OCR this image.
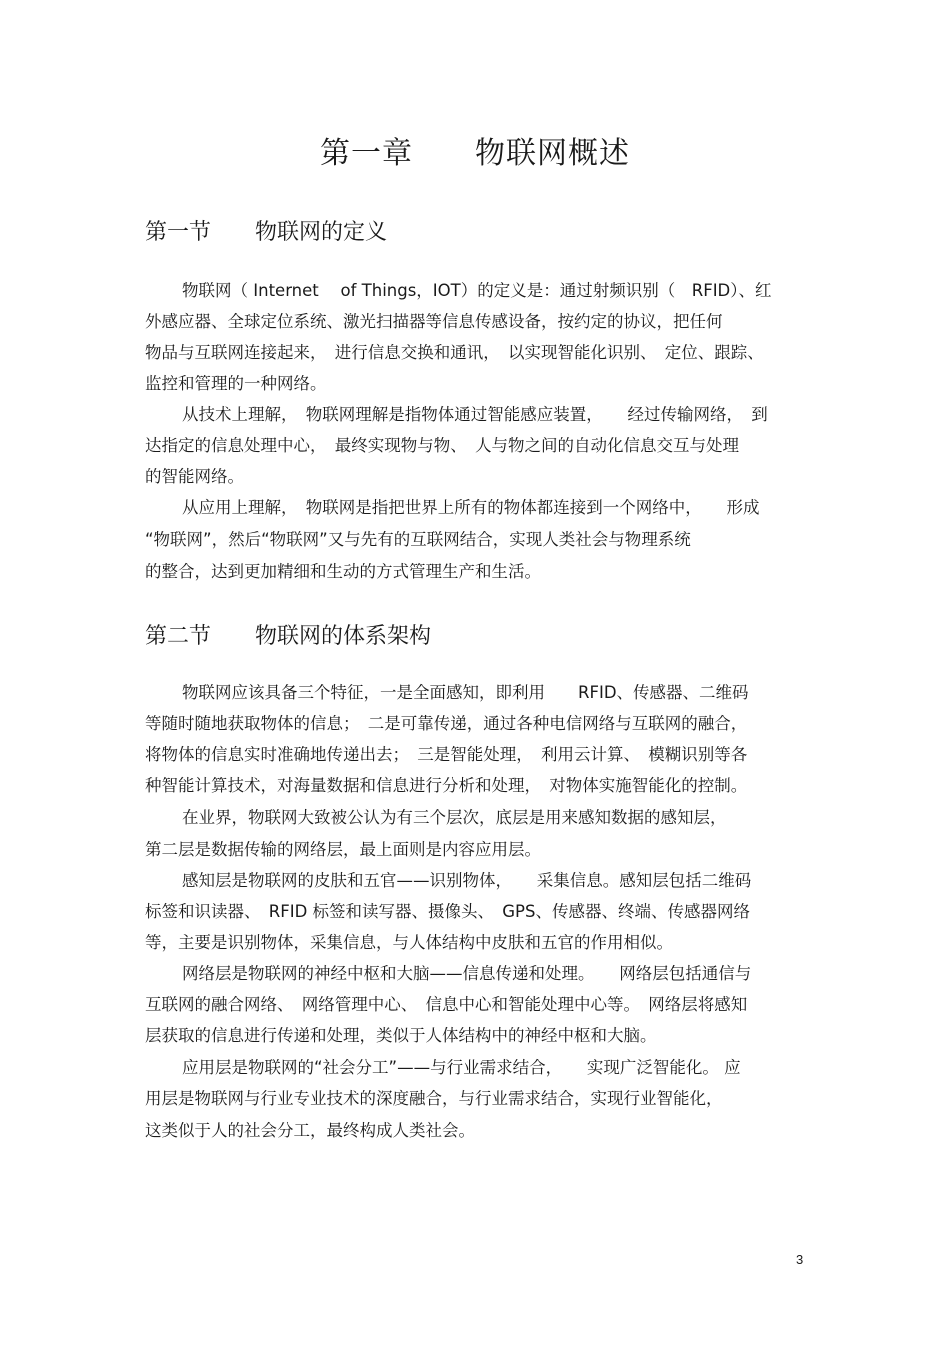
第一章　　物联网概述
第一节　　物联网的定义

物联网（ Internet　 of Things，IOT）的定义是：通过射频识别（　RFID）、红

外感应器、全球定位系统、激光扫描器等信息传感设备，按约定的协议，把任何

物品与互联网连接起来，　进行信息交换和通讯，　以实现智能化识别、　定位、跟踪、

监控和管理的一种网络。

从技术上理解，　物联网理解是指物体通过智能感应装置，　　经过传输网络，　到

达指定的信息处理中心，　最终实现物与物、　人与物之间的自动化信息交互与处理

的智能网络。

从应用上理解，　物联网是指把世界上所有的物体都连接到一个网络中，　　形成

“物联网”，然后“物联网”又与先有的互联网结合，实现人类社会与物理系统

的整合，达到更加精细和生动的方式管理生产和生活。

第二节　　物联网的体系架构

物联网应该具备三个特征，一是全面感知，即利用　　RFID、传感器、二维码

等随时随地获取物体的信息；　二是可靠传递，通过各种电信网络与互联网的融合，

将物体的信息实时准确地传递出去；　三是智能处理，　利用云计算、　模糊识别等各

种智能计算技术，对海量数据和信息进行分析和处理，　对物体实施智能化的控制。

在业界，物联网大致被公认为有三个层次，底层是用来感知数据的感知层，

第二层是数据传输的网络层，最上面则是内容应用层。

感知层是物联网的皮肤和五官——识别物体，　　采集信息。感知层包括二维码

标签和识读器、　RFID 标签和读写器、摄像头、　GPS、传感器、终端、传感器网络

等，主要是识别物体，采集信息，与人体结构中皮肤和五官的作用相似。

网络层是物联网的神经中枢和大脑——信息传递和处理。　　网络层包括通信与

互联网的融合网络、　网络管理中心、　信息中心和智能处理中心等。　网络层将感知

层获取的信息进行传递和处理，类似于人体结构中的神经中枢和大脑。

应用层是物联网的“社会分工”——与行业需求结合，　　实现广泛智能化。 应

用层是物联网与行业专业技术的深度融合，与行业需求结合，实现行业智能化，

这类似于人的社会分工，最终构成人类社会。

3
